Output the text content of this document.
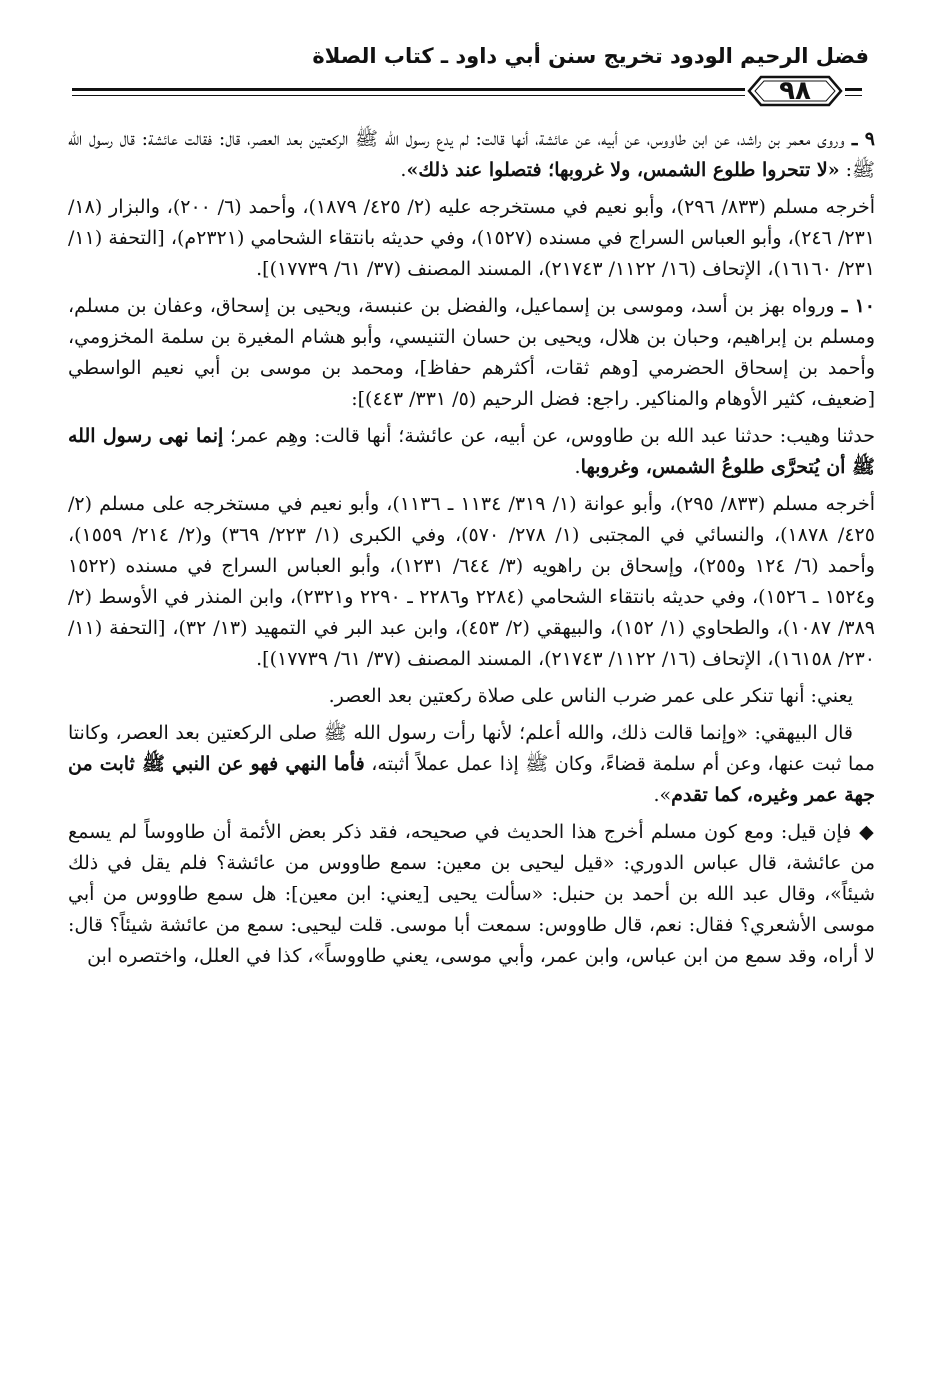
فضل الرحيم الودود تخريج سنن أبي داود ـ كتاب الصلاة
٩٨

٩ ـ وروى معمر بن راشد، عن ابن طاووس، عن أبيه، عن عائشة، أنها قالت: لم يدع رسول الله ﷺ الركعتين بعد العصر، قال: فقالت عائشة: قال رسول الله ﷺ: «لا تتحروا طلوع الشمس، ولا غروبها؛ فتصلوا عند ذلك».

أخرجه مسلم (٨٣٣/ ٢٩٦)، وأبو نعيم في مستخرجه عليه (٢/ ٤٢٥/ ١٨٧٩)، وأحمد (٦/ ٢٠٠)، والبزار (١٨/ ٢٣١/ ٢٤٦)، وأبو العباس السراج في مسنده (١٥٢٧)، وفي حديثه بانتقاء الشحامي (٢٣٢١م)، [التحفة (١١/ ٢٣١/ ١٦١٦٠)، الإتحاف (١٦/ ١١٢٢/ ٢١٧٤٣)، المسند المصنف (٣٧/ ٦١/ ١٧٧٣٩)].

١٠ ـ ورواه بهز بن أسد، وموسى بن إسماعيل، والفضل بن عنبسة، ويحيى بن إسحاق، وعفان بن مسلم، ومسلم بن إبراهيم، وحبان بن هلال، ويحيى بن حسان التنيسي، وأبو هشام المغيرة بن سلمة المخزومي، وأحمد بن إسحاق الحضرمي [وهم ثقات، أكثرهم حفاظ]، ومحمد بن موسى بن أبي نعيم الواسطي [ضعيف، كثير الأوهام والمناكير. راجع: فضل الرحيم (٥/ ٣٣١/ ٤٤٣)]:

حدثنا وهيب: حدثنا عبد الله بن طاووس، عن أبيه، عن عائشة؛ أنها قالت: وهِم عمر؛ إنما نهى رسول الله ﷺ أن يُتحرَّى طلوعُ الشمس، وغروبها.

أخرجه مسلم (٨٣٣/ ٢٩٥)، وأبو عوانة (١/ ٣١٩/ ١١٣٤ ـ ١١٣٦)، وأبو نعيم في مستخرجه على مسلم (٢/ ٤٢٥/ ١٨٧٨)، والنسائي في المجتبى (١/ ٢٧٨/ ٥٧٠)، وفي الكبرى (١/ ٢٢٣/ ٣٦٩) و(٢/ ٢١٤/ ١٥٥٩)، وأحمد (٦/ ١٢٤ و٢٥٥)، وإسحاق بن راهويه (٣/ ٦٤٤/ ١٢٣١)، وأبو العباس السراج في مسنده (١٥٢٢ و١٥٢٤ ـ ١٥٢٦)، وفي حديثه بانتقاء الشحامي (٢٢٨٤ و٢٢٨٦ ـ ٢٢٩٠ و٢٣٢١)، وابن المنذر في الأوسط (٢/ ٣٨٩/ ١٠٨٧)، والطحاوي (١/ ١٥٢)، والبيهقي (٢/ ٤٥٣)، وابن عبد البر في التمهيد (١٣/ ٣٢)، [التحفة (١١/ ٢٣٠/ ١٦١٥٨)، الإتحاف (١٦/ ١١٢٢/ ٢١٧٤٣)، المسند المصنف (٣٧/ ٦١/ ١٧٧٣٩)].

يعني: أنها تنكر على عمر ضرب الناس على صلاة ركعتين بعد العصر.

قال البيهقي: «وإنما قالت ذلك، والله أعلم؛ لأنها رأت رسول الله ﷺ صلى الركعتين بعد العصر، وكانتا مما ثبت عنها، وعن أم سلمة قضاءً، وكان ﷺ إذا عمل عملاً أثبته، فأما النهي فهو عن النبي ﷺ ثابت من جهة عمر وغيره، كما تقدم».

◆ فإن قيل: ومع كون مسلم أخرج هذا الحديث في صحيحه، فقد ذكر بعض الأئمة أن طاووساً لم يسمع من عائشة، قال عباس الدوري: «قيل ليحيى بن معين: سمع طاووس من عائشة؟ فلم يقل في ذلك شيئاً»، وقال عبد الله بن أحمد بن حنبل: «سألت يحيى [يعني: ابن معين]: هل سمع طاووس من أبي موسى الأشعري؟ فقال: نعم، قال طاووس: سمعت أبا موسى. قلت ليحيى: سمع من عائشة شيئاً؟ قال: لا أراه، وقد سمع من ابن عباس، وابن عمر، وأبي موسى، يعني طاووساً»، كذا في العلل، واختصره ابن
